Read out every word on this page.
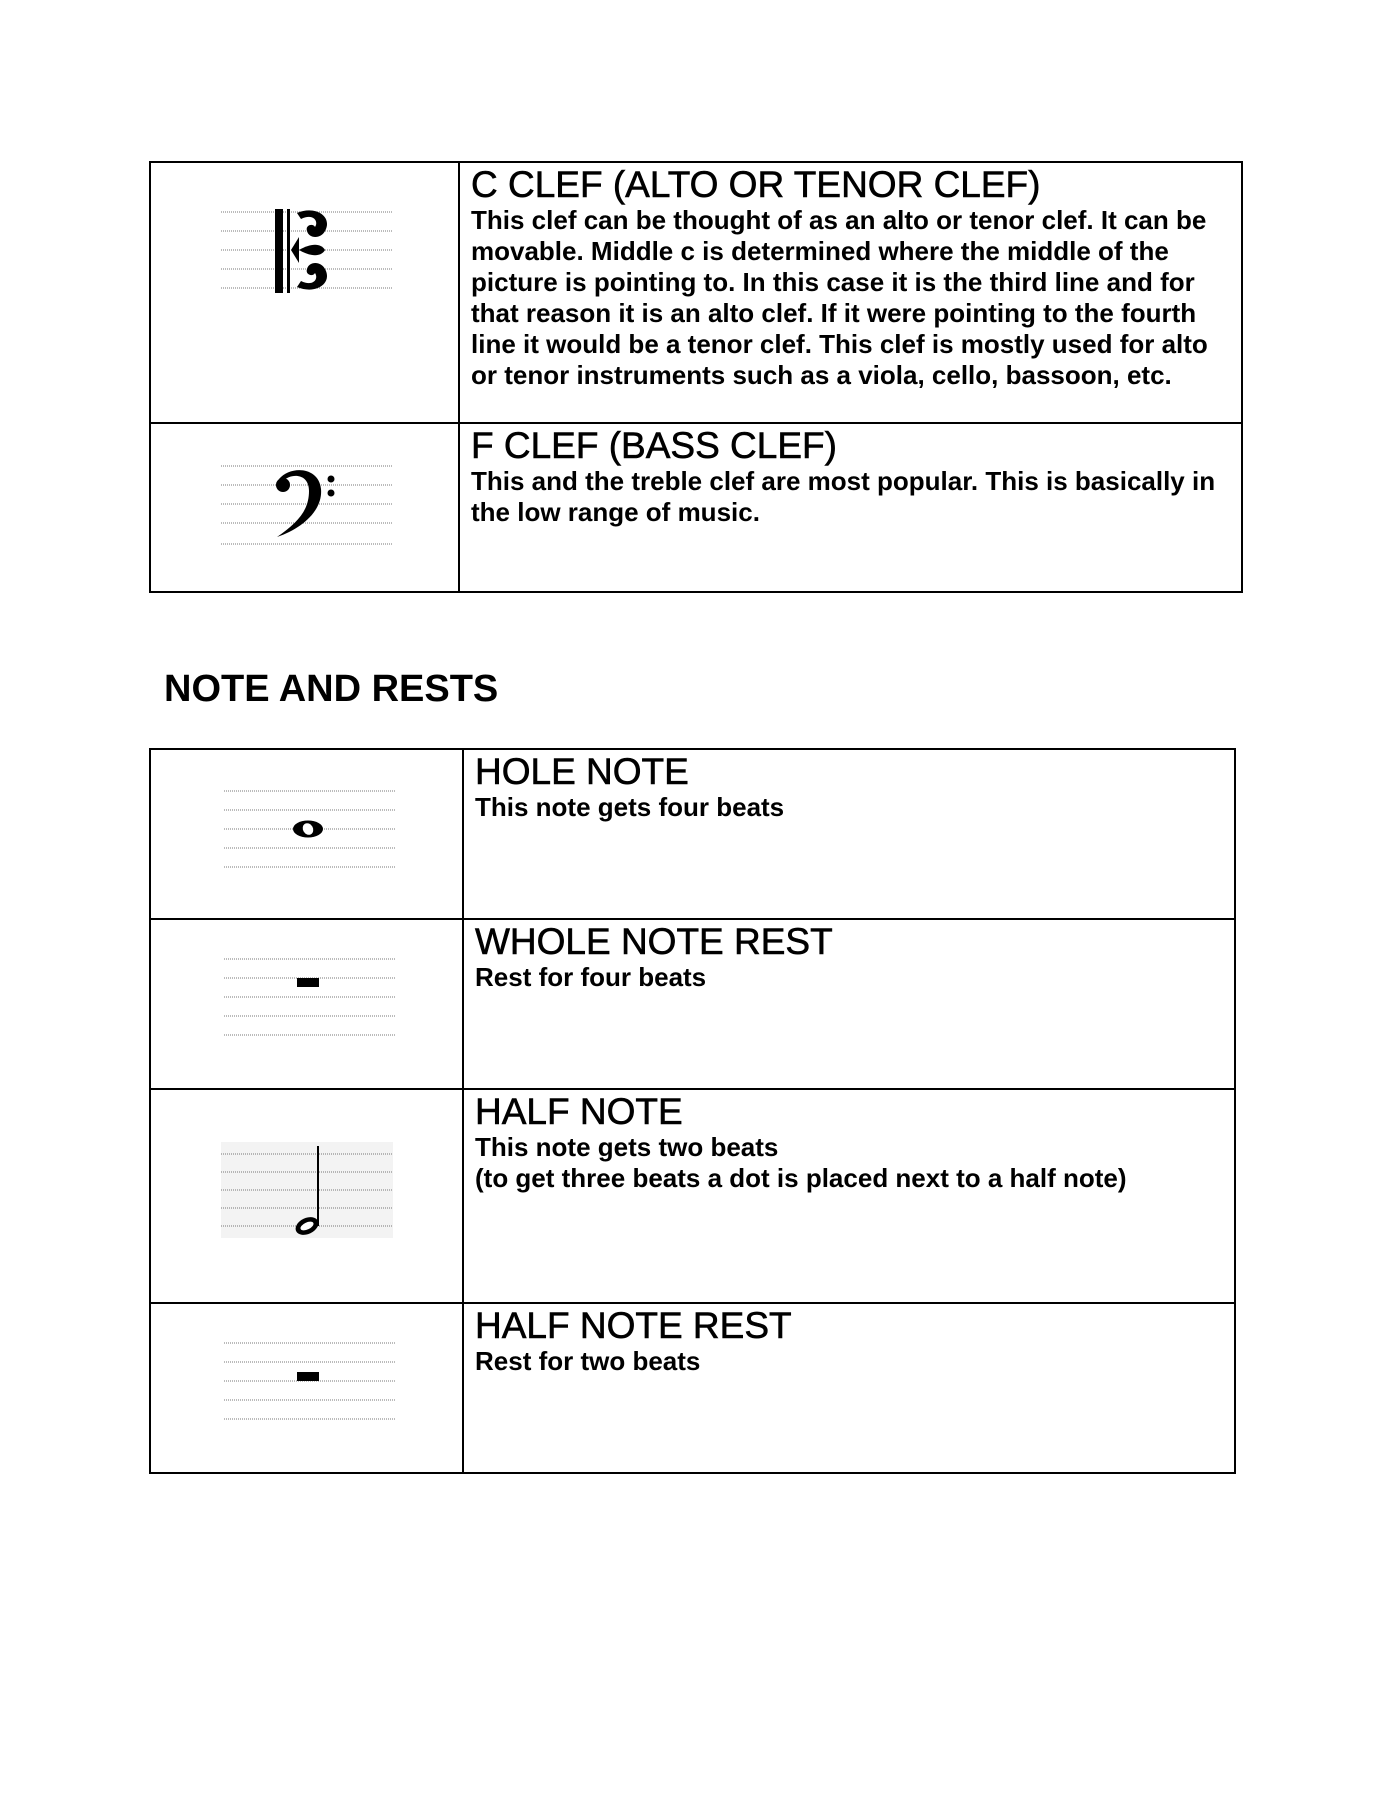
C CLEF (ALTO OR TENOR CLEF)
This clef can be thought of as an alto or tenor clef. It can be movable. Middle c is determined where the middle of the picture is pointing to. In this case it is the third line and for that reason it is an alto clef. If it were pointing to the fourth line it would be a tenor clef. This clef is mostly used for alto or tenor instruments such as a viola, cello, bassoon, etc.

F CLEF (BASS CLEF)
This and the treble clef are most popular. This is basically in the low range of music.
NOTE AND RESTS

HOLE NOTE
This note gets four beats

WHOLE NOTE REST
Rest for four beats

HALF NOTE
This note gets two beats
(to get three beats a dot is placed next to a half note)

HALF NOTE REST
Rest for two beats
